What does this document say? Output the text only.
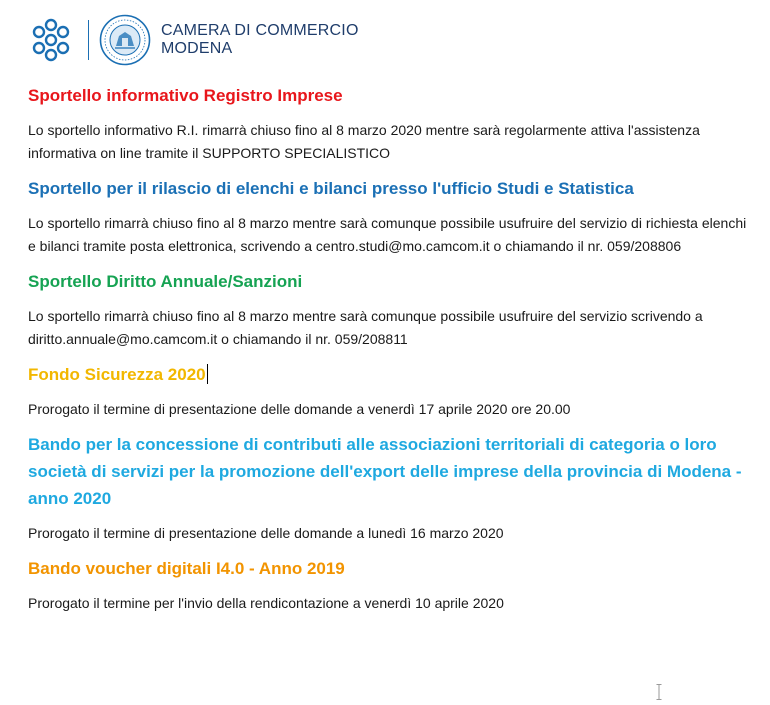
CAMERA DI COMMERCIO
MODENA
Sportello informativo Registro Imprese

Lo sportello informativo R.I. rimarrà chiuso fino al 8 marzo 2020 mentre sarà regolarmente attiva l'assistenza informativa on line tramite il SUPPORTO SPECIALISTICO

Sportello per il rilascio di elenchi e bilanci presso l'ufficio Studi e Statistica

Lo sportello rimarrà chiuso fino al 8 marzo mentre sarà comunque possibile usufruire del servizio di richiesta elenchi e bilanci tramite posta elettronica, scrivendo a centro.studi@mo.camcom.it o chiamando il nr. 059/208806

Sportello Diritto Annuale/Sanzioni

Lo sportello rimarrà chiuso fino al 8 marzo mentre sarà comunque possibile usufruire del servizio scrivendo a diritto.annuale@mo.camcom.it o chiamando il nr. 059/208811

Fondo Sicurezza 2020

Prorogato il termine di presentazione delle domande a venerdì 17 aprile 2020 ore 20.00

Bando per la concessione di contributi alle associazioni territoriali di categoria o loro società di servizi per la promozione dell'export delle imprese della provincia di Modena - anno 2020

Prorogato il termine di presentazione delle domande a lunedì 16 marzo 2020

Bando voucher digitali I4.0 - Anno 2019

Prorogato il termine per l'invio della rendicontazione a venerdì 10 aprile 2020
